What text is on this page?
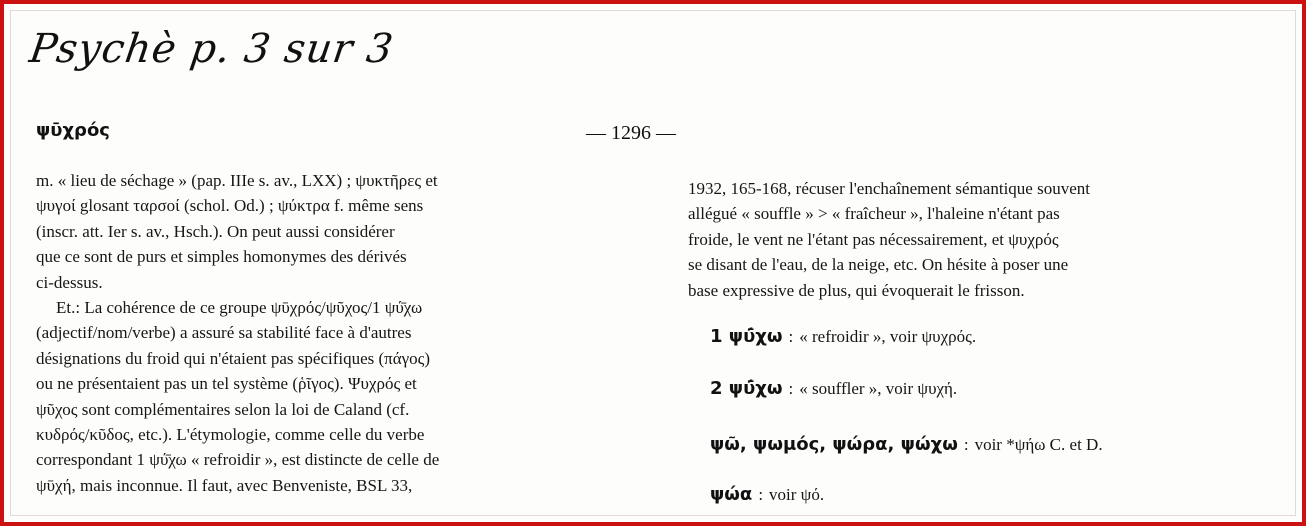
Psychè p. 3 sur 3
ψῡχρός	— 1296 —
m. « lieu de séchage » (pap. IIIe s. av., LXX) ; ψυκτῆρες et
ψυγοί glosant ταρσοί (schol. Od.) ; ψύκτρα f. même sens
(inscr. att. Ier s. av., Hsch.). On peut aussi considérer
que ce sont de purs et simples homonymes des dérivés
ci-dessus.
Et.: La cohérence de ce groupe ψῡχρός/ψῦχος/1 ψύ̄χω
(adjectif/nom/verbe) a assuré sa stabilité face à d'autres
désignations du froid qui n'étaient pas spécifiques (πάγος)
ou ne présentaient pas un tel système (ῥῖγος). Ψυχρός et
ψῦχος sont complémentaires selon la loi de Caland (cf.
κυδρός/κῦδος, etc.). L'étymologie, comme celle du verbe
correspondant 1 ψύ̄χω « refroidir », est distincte de celle de
ψῡχή, mais inconnue. Il faut, avec Benveniste, BSL 33,
1932, 165-168, récuser l'enchaînement sémantique souvent
allégué « souffle » > « fraîcheur », l'haleine n'étant pas
froide, le vent ne l'étant pas nécessairement, et ψυχρός
se disant de l'eau, de la neige, etc. On hésite à poser une
base expressive de plus, qui évoquerait le frisson.
1 ψύ̄χω : « refroidir », voir ψυχρός.
2 ψύ̄χω : « souffler », voir ψυχή.
ψῶ, ψωμός, ψώρα, ψώχω : voir *ψήω C. et D.
ψώα : voir ψό.
